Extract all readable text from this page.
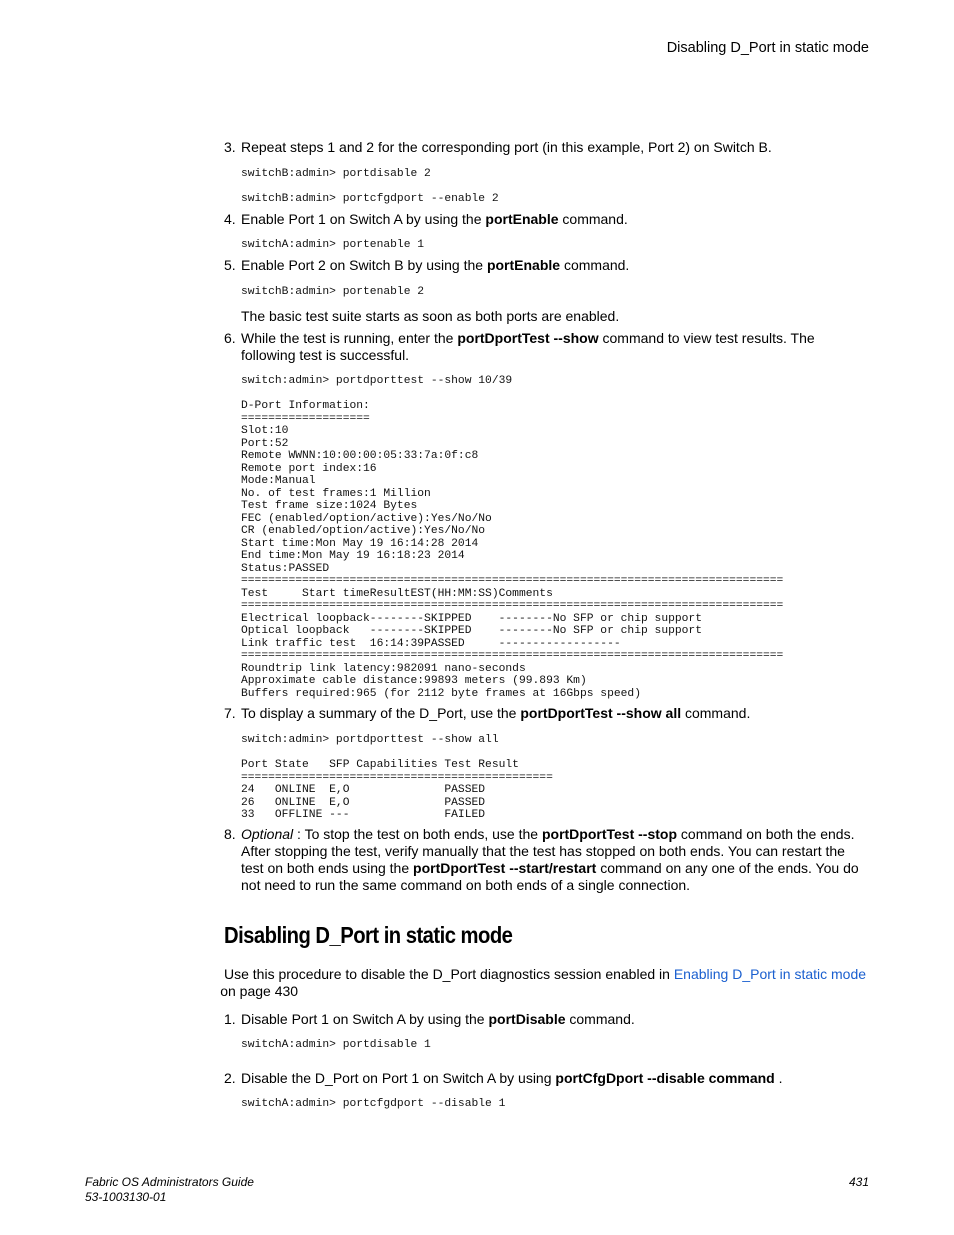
Disabling D_Port in static mode
3. Repeat steps 1 and 2 for the corresponding port (in this example, Port 2) on Switch B.
switchB:admin> portdisable 2

switchB:admin> portcfgdport --enable 2
4. Enable Port 1 on Switch A by using the portEnable command.
switchA:admin> portenable 1
5. Enable Port 2 on Switch B by using the portEnable command.
switchB:admin> portenable 2
The basic test suite starts as soon as both ports are enabled.
6. While the test is running, enter the portDportTest --show command to view test results. The following test is successful.
switch:admin> portdporttest --show 10/39

D-Port Information:
===================
Slot:10
Port:52
Remote WWNN:10:00:00:05:33:7a:0f:c8
Remote port index:16
Mode:Manual
No. of test frames:1 Million
Test frame size:1024 Bytes
FEC (enabled/option/active):Yes/No/No
CR (enabled/option/active):Yes/No/No
Start time:Mon May 19 16:14:28 2014
End time:Mon May 19 16:18:23 2014
Status:PASSED
================================================================================
Test     Start timeResultEST(HH:MM:SS)Comments
================================================================================
Electrical loopback--------SKIPPED    --------No SFP or chip support
Optical loopback   --------SKIPPED    --------No SFP or chip support
Link traffic test  16:14:39PASSED     ------------------
================================================================================
Roundtrip link latency:982091 nano-seconds
Approximate cable distance:99893 meters (99.893 Km)
Buffers required:965 (for 2112 byte frames at 16Gbps speed)
7. To display a summary of the D_Port, use the portDportTest --show all command.
switch:admin> portdporttest --show all

Port State   SFP Capabilities Test Result
==============================================
24   ONLINE  E,O              PASSED
26   ONLINE  E,O              PASSED
33   OFFLINE ---              FAILED
8. Optional : To stop the test on both ends, use the portDportTest --stop command on both the ends. After stopping the test, verify manually that the test has stopped on both ends. You can restart the test on both ends using the portDportTest --start/restart command on any one of the ends. You do not need to run the same command on both ends of a single connection.
Disabling D_Port in static mode
Use this procedure to disable the D_Port diagnostics session enabled in Enabling D_Port in static mode
on page 430
1. Disable Port 1 on Switch A by using the portDisable command.
switchA:admin> portdisable 1
2. Disable the D_Port on Port 1 on Switch A by using portCfgDport --disable command .
switchA:admin> portcfgdport --disable 1
Fabric OS Administrators Guide
53-1003130-01
431
